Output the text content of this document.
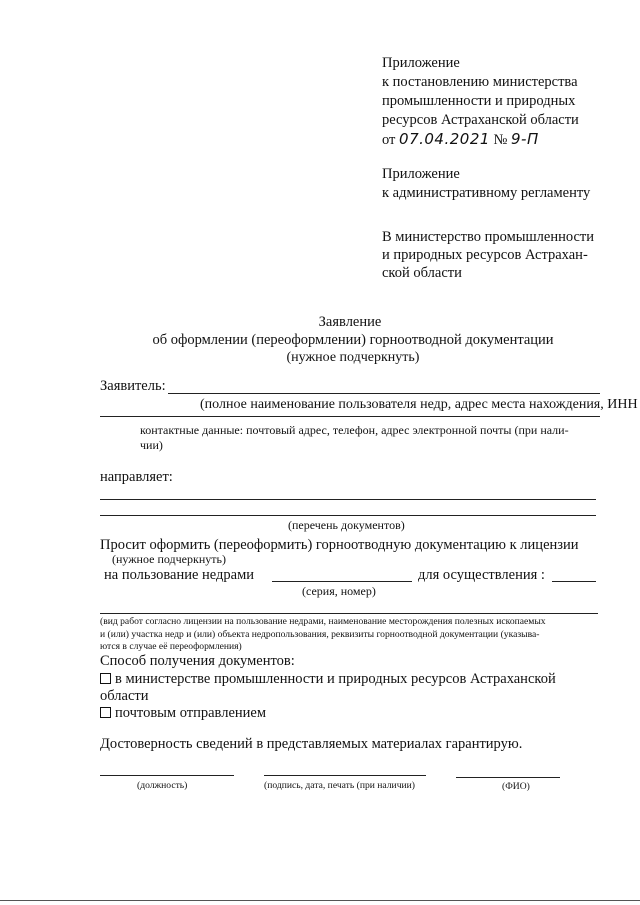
Приложение
к постановлению министерства
промышленности и природных
ресурсов Астраханской области
от 07.04.2021 № 9-П
Приложение
к административному регламенту
В министерство промышленности
и природных ресурсов Астрахан-
ской области
Заявление
об оформлении (переоформлении) горноотводной документации
(нужное подчеркнуть)
Заявитель:
(полное наименование пользователя недр, адрес места нахождения, ИНН
контактные данные: почтовый адрес, телефон, адрес электронной почты (при нали-
чии)
направляет:
(перечень документов)
Просит оформить (переоформить) горноотводную документацию к лицензии
(нужное подчеркнуть)
на пользование недрами	для осуществления :
(серия, номер)
(вид работ согласно лицензии на пользование недрами, наименование месторождения полезных ископаемых
и (или) участка недр и (или) объекта недропользования, реквизиты горноотводной документации (указыва-
ются в случае её переоформления)
Способ получения документов:
в министерстве промышленности и природных ресурсов Астраханской
области
почтовым отправлением
Достоверность сведений в представляемых материалах гарантирую.
(должность)	(подпись, дата, печать (при наличии)	(ФИО)
